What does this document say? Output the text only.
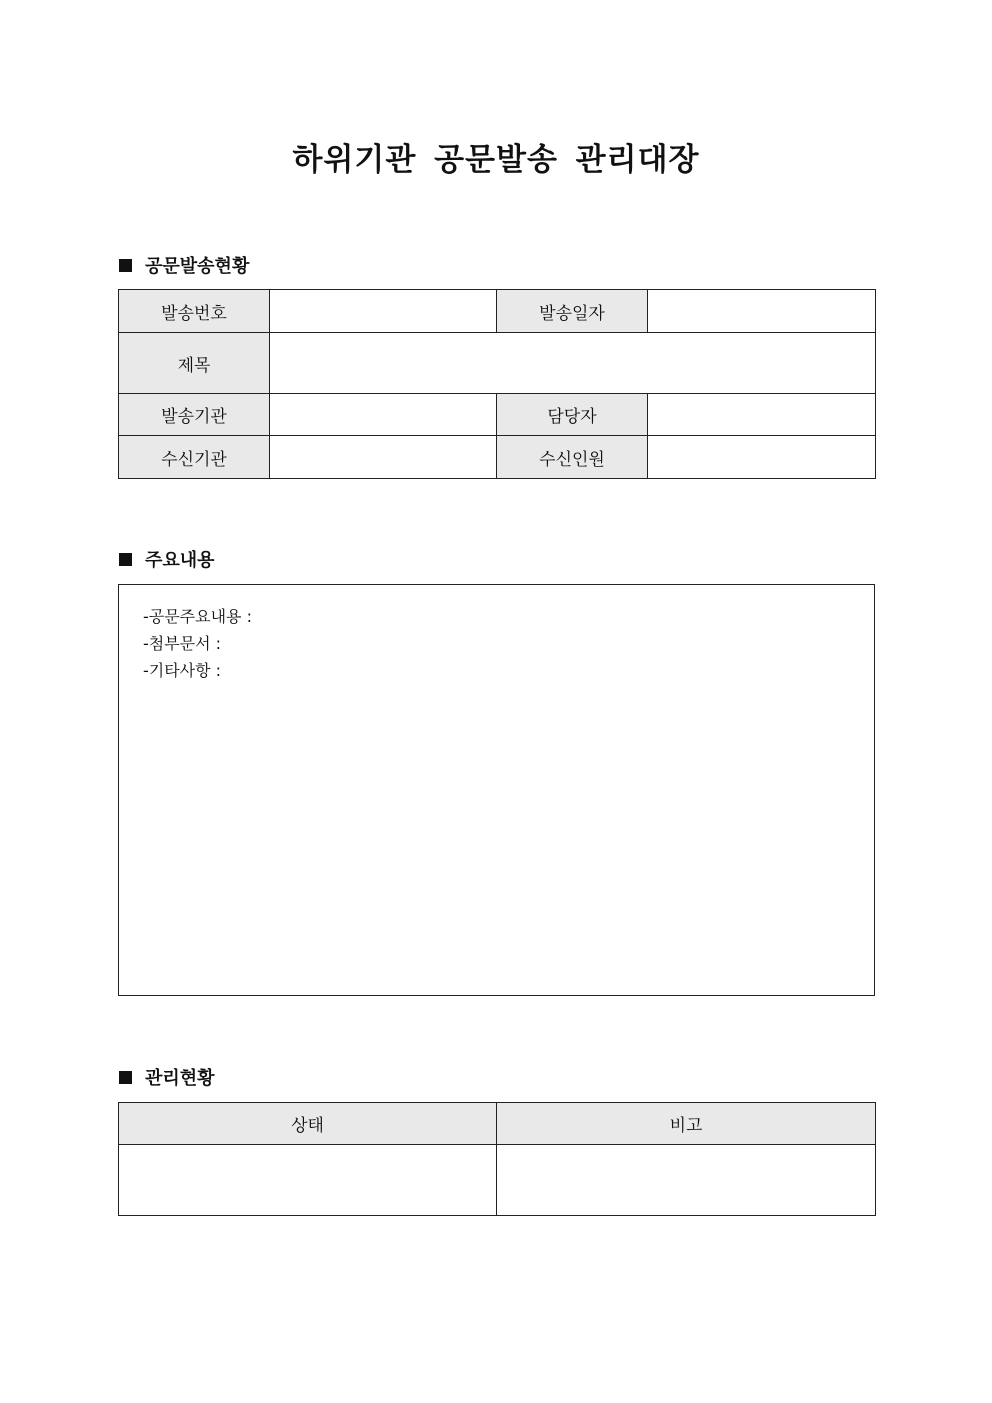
하위기관 공문발송 관리대장
공문발송현황
발송번호		발송일자	
제목			
발송기관		담당자	
수신기관		수신인원	
주요내용
-공문주요내용 :
-첨부문서 :
-기타사항 :
관리현황
상태	비고
